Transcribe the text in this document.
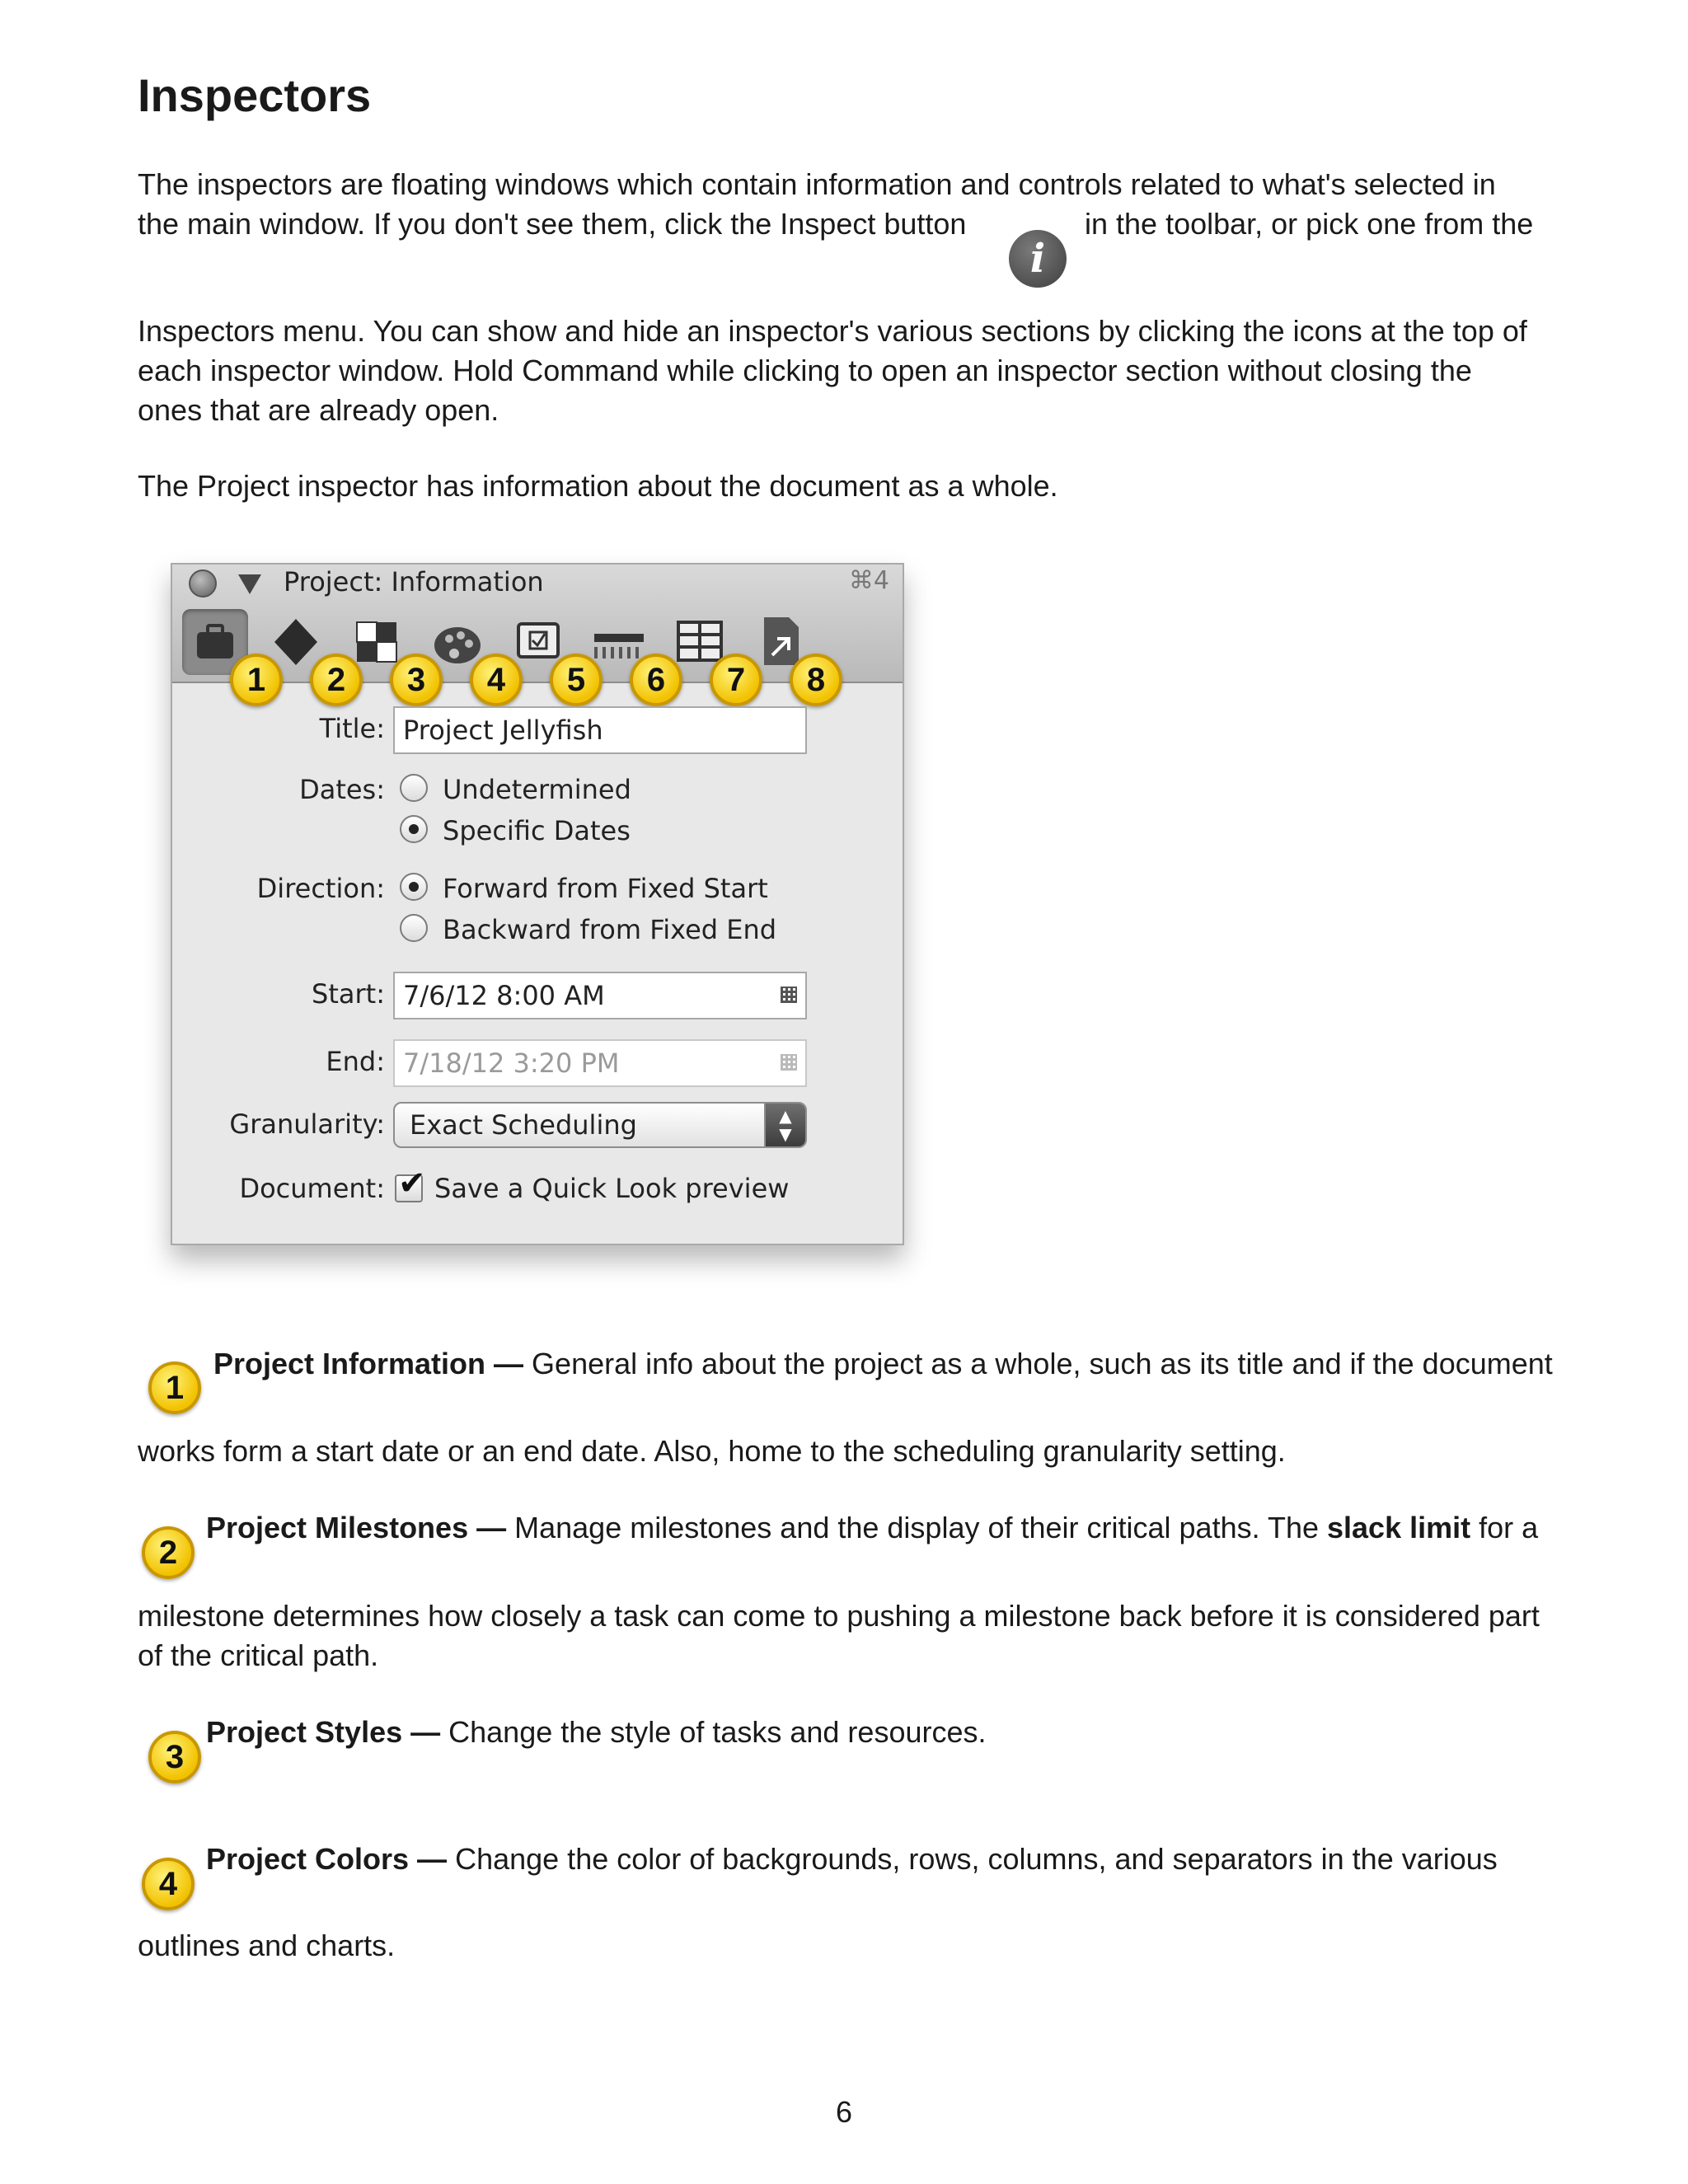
Inspectors
The inspectors are floating windows which contain information and controls related to what's selected in
the main window. If you don't see them, click the Inspect button
i
in the toolbar, or pick one from the
Inspectors menu. You can show and hide an inspector's various sections by clicking the icons at the top of
each inspector window. Hold Command while clicking to open an inspector section without closing the
ones that are already open.
The Project inspector has information about the document as a whole.
Project: Information	⌘4
1	2	3	4	5	6	7	8
Title: Project Jellyfish
Dates: Undetermined
Specific Dates
Direction: Forward from Fixed Start
Backward from Fixed End
Start: 7/6/12 8:00 AM
End: 7/18/12 3:20 PM
Granularity: Exact Scheduling	▲
▼
Document:
✔ Save a Quick Look preview
1
Project Information — General info about the project as a whole, such as its title and if the document
works form a start date or an end date. Also, home to the scheduling granularity setting.
2
Project Milestones — Manage milestones and the display of their critical paths. The slack limit for a
milestone determines how closely a task can come to pushing a milestone back before it is considered part
of the critical path.
3
Project Styles — Change the style of tasks and resources.
4
Project Colors — Change the color of backgrounds, rows, columns, and separators in the various
outlines and charts.
6
